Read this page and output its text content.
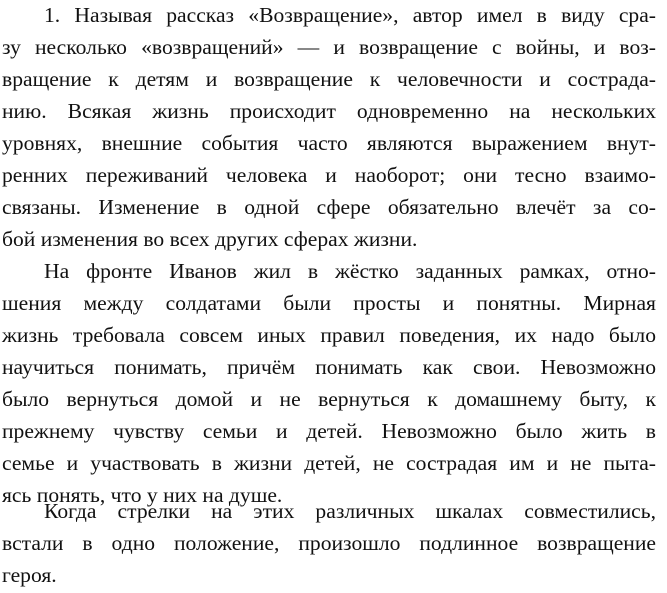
1. Называя рассказ «Возвращение», автор имел в виду сра-
зу несколько «возвращений» — и возвращение с войны, и воз-
вращение к детям и возвращение к человечности и сострада-
нию. Всякая жизнь происходит одновременно на нескольких
уровнях, внешние события часто являются выражением внут-
ренних переживаний человека и наоборот; они тесно взаимо-
связаны. Изменение в одной сфере обязательно влечёт за со-
бой изменения во всех других сферах жизни.
На фронте Иванов жил в жёстко заданных рамках, отно-
шения между солдатами были просты и понятны. Мирная
жизнь требовала совсем иных правил поведения, их надо было
научиться понимать, причём понимать как свои. Невозможно
было вернуться домой и не вернуться к домашнему быту, к
прежнему чувству семьи и детей. Невозможно было жить в
семье и участвовать в жизни детей, не сострадая им и не пыта-
ясь понять, что у них на душе.
Когда стрелки на этих различных шкалах совместились,
встали в одно положение, произошло подлинное возвращение
героя.
